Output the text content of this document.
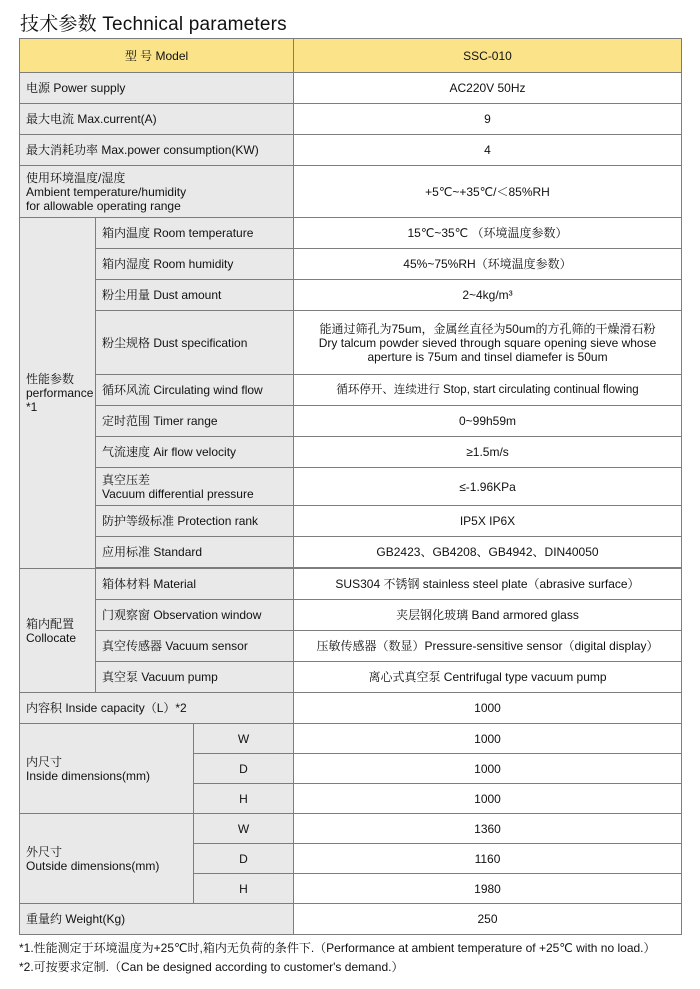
技术参数 Technical parameters
型 号 Model			SSC-010
电源 Power supply			AC220V 50Hz
最大电流 Max.current(A)			9
最大消耗功率 Max.power consumption(KW)			4

使用环境温度/湿度
Ambient temperature/humidity
for allowable operating range			+5℃~+35℃/＜85%RH

性能参数
performance
*1	箱内温度 Room temperature		15℃~35℃ （环境温度参数）
	箱内湿度 Room humidity		45%~75%RH（环境温度参数）
	粉尘用量 Dust amount		2~4kg/m³
	粉尘规格 Dust specification		能通过筛孔为75um，金属丝直径为50um的方孔筛的干燥滑石粉
Dry talcum powder sieved through square opening sieve whose
aperture is 75um and tinsel diamefer is 50um

	循环风流 Circulating wind flow		循环停开、连续进行 Stop, start circulating continual flowing
	定时范围 Timer range		0~99h59m
	气流速度 Air flow velocity		≥1.5m/s

	真空压差
Vacuum differential pressure		≤-1.96KPa
	防护等级标准 Protection rank		IP5X IP6X
	应用标准 Standard		GB2423、GB4208、GB4942、DIN40050

箱内配置
Collocate	箱体材料 Material		SUS304 不锈钢 stainless steel plate（abrasive surface）
	门观察窗 Observation window		夹层钢化玻璃 Band armored glass
	真空传感器 Vacuum sensor		压敏传感器（数显）Pressure-sensitive sensor（digital display）
	真空泵 Vacuum pump		离心式真空泵 Centrifugal type vacuum pump
内容积 Inside capacity（L）*2			1000

内尺寸
Inside dimensions(mm)		W	1000
		D	1000
		H	1000

外尺寸
Outside dimensions(mm)		W	1360
		D	1160
		H	1980
重量约 Weight(Kg)			250
*1.性能测定于环境温度为+25℃时,箱内无负荷的条件下.（Performance at ambient temperature of +25℃ with no load.）
*2.可按要求定制.（Can be designed according to customer's demand.）
